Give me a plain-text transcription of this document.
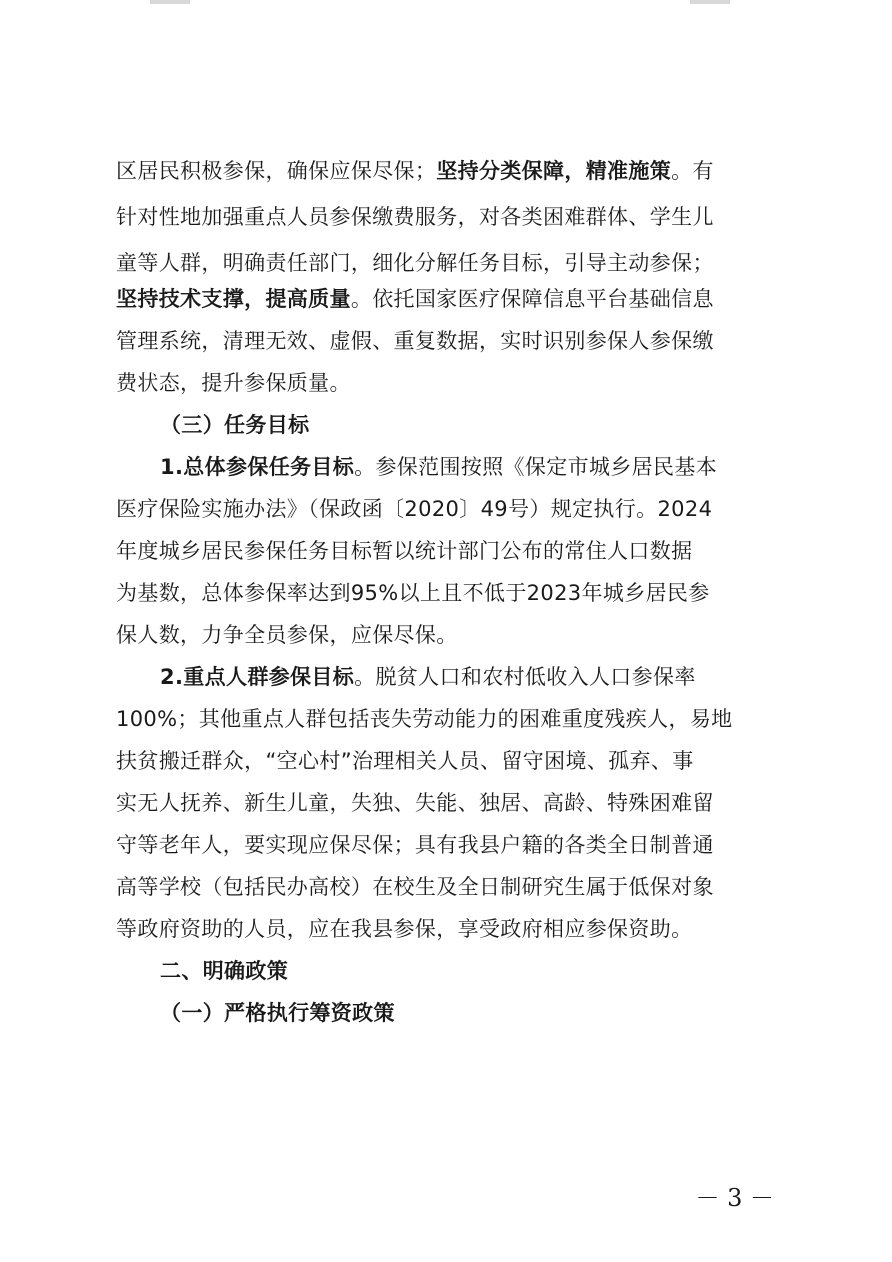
区居民积极参保，确保应保尽保；坚持分类保障，精准施策。有
针对性地加强重点人员参保缴费服务，对各类困难群体、学生儿
童等人群，明确责任部门，细化分解任务目标，引导主动参保；
坚持技术支撑，提高质量。依托国家医疗保障信息平台基础信息
管理系统，清理无效、虚假、重复数据，实时识别参保人参保缴
费状态，提升参保质量。
（三）任务目标
1.总体参保任务目标。参保范围按照《保定市城乡居民基本
医疗保险实施办法》（保政函〔2020〕49号）规定执行。2024
年度城乡居民参保任务目标暂以统计部门公布的常住人口数据
为基数，总体参保率达到95%以上且不低于2023年城乡居民参
保人数，力争全员参保，应保尽保。
2.重点人群参保目标。脱贫人口和农村低收入人口参保率
100%；其他重点人群包括丧失劳动能力的困难重度残疾人，易地
扶贫搬迁群众，“空心村”治理相关人员、留守困境、孤弃、事
实无人抚养、新生儿童，失独、失能、独居、高龄、特殊困难留
守等老年人，要实现应保尽保；具有我县户籍的各类全日制普通
高等学校（包括民办高校）在校生及全日制研究生属于低保对象
等政府资助的人员，应在我县参保，享受政府相应参保资助。
二、明确政策
（一）严格执行筹资政策
－ 3 －
